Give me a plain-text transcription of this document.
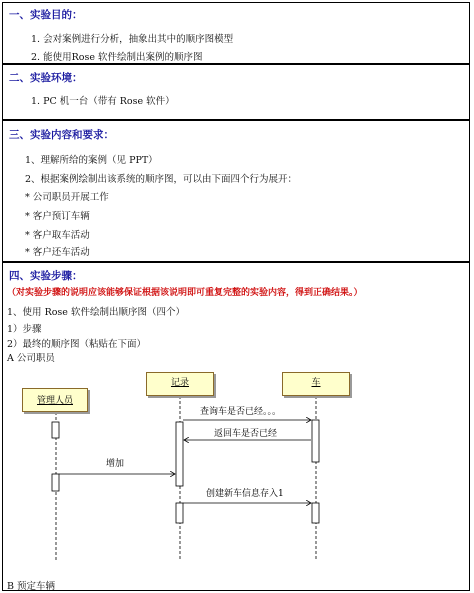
一、实验目的：
1. 会对案例进行分析，抽象出其中的顺序图模型
2. 能使用Rose 软件绘制出案例的顺序图
二、实验环境：
1. PC 机一台（带有 Rose 软件）
三、实验内容和要求：
1、理解所给的案例（见 PPT）
2、根据案例绘制出该系统的顺序图，可以由下面四个行为展开：
* 公司职员开展工作
* 客户预订车辆
* 客户取车活动
* 客户还车活动
四、实验步骤：
（对实验步骤的说明应该能够保证根据该说明即可重复完整的实验内容，得到正确结果。）
1、使用 Rose 软件绘制出顺序图（四个）
1）步骤
2）最终的顺序图（粘贴在下面）
A 公司职员
B 预定车辆
查询车是否已经。。。
返回车是否已经
增加
创建新车信息存入1
管理人员
记录	车
